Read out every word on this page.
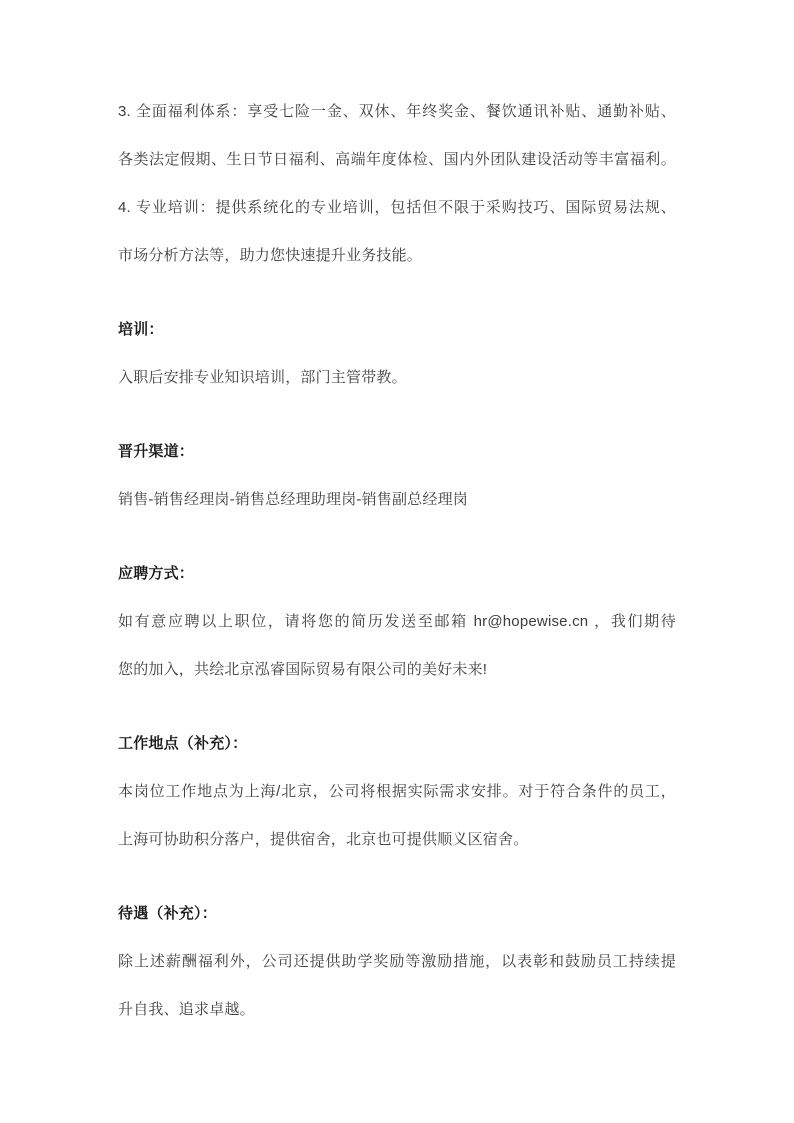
3. 全面福利体系：享受七险一金、双休、年终奖金、餐饮通讯补贴、通勤补贴、
各类法定假期、生日节日福利、高端年度体检、国内外团队建设活动等丰富福利。
4. 专业培训：提供系统化的专业培训，包括但不限于采购技巧、国际贸易法规、
市场分析方法等，助力您快速提升业务技能。
培训：
入职后安排专业知识培训，部门主管带教。
晋升渠道：
销售-销售经理岗-销售总经理助理岗-销售副总经理岗
应聘方式：
如有意应聘以上职位，请将您的简历发送至邮箱 hr@hopewise.cn ，我们期待
您的加入，共绘北京泓睿国际贸易有限公司的美好未来!
工作地点（补充）：
本岗位工作地点为上海/北京，公司将根据实际需求安排。对于符合条件的员工，
上海可协助积分落户，提供宿舍，北京也可提供顺义区宿舍。
待遇（补充）：
除上述薪酬福利外，公司还提供助学奖励等激励措施，以表彰和鼓励员工持续提
升自我、追求卓越。
